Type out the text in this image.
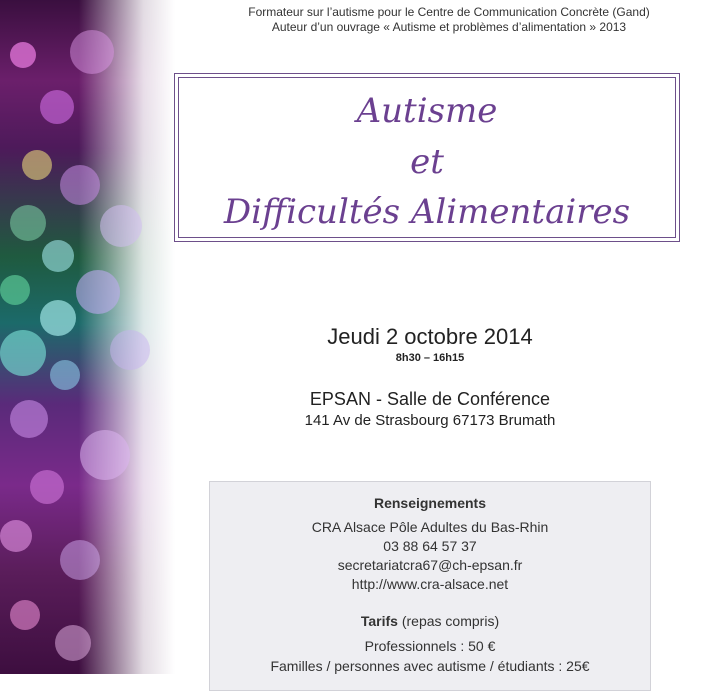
Formateur sur l’autisme pour le Centre de Communication Concrète (Gand)
Auteur d’un ouvrage « Autisme et problèmes d’alimentation » 2013
Autisme
et
Difficultés Alimentaires
Jeudi 2 octobre 2014
8h30 – 16h15
EPSAN - Salle de Conférence
141 Av de Strasbourg 67173 Brumath
Renseignements
CRA Alsace Pôle Adultes du Bas-Rhin
03 88 64 57 37
secretariatcra67@ch-epsan.fr
http://www.cra-alsace.net
Tarifs (repas compris)
Professionnels : 50 €
Familles / personnes avec autisme / étudiants : 25€
